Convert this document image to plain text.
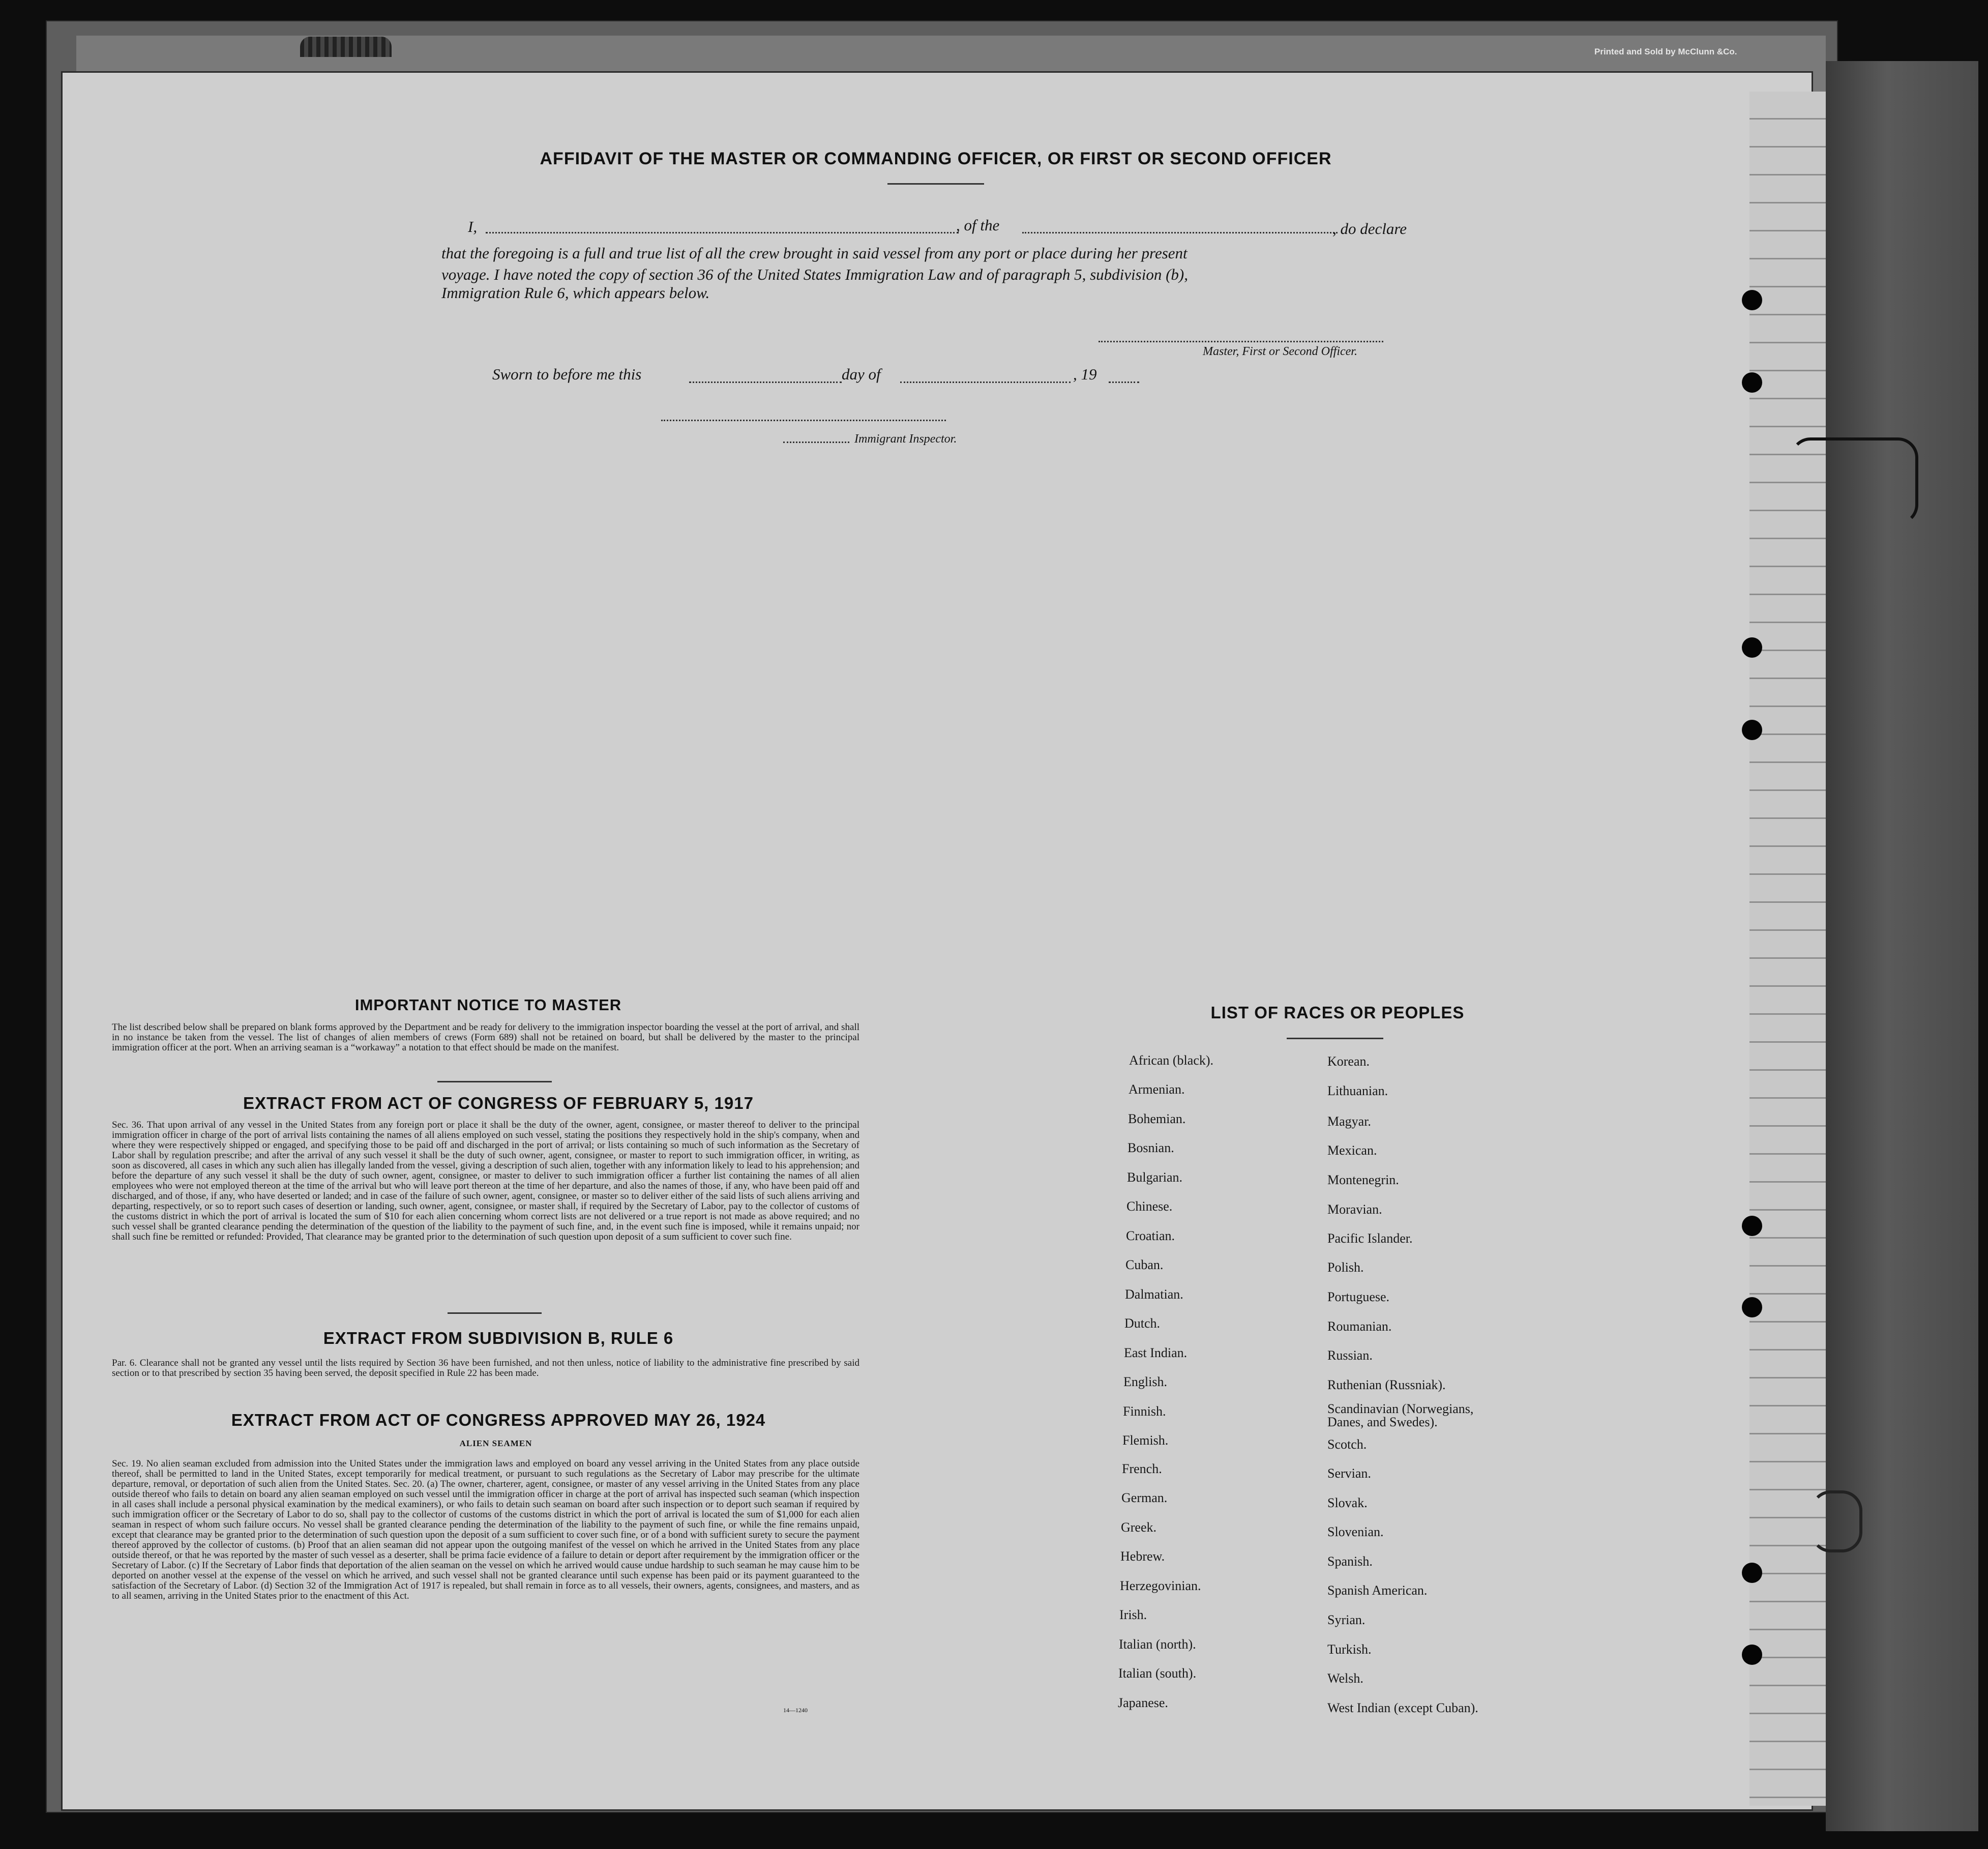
Printed and Sold by McClunn &Co.
AFFIDAVIT OF THE MASTER OR COMMANDING OFFICER, OR FIRST OR SECOND OFFICER
I,	, of the	, do declare
that the foregoing is a full and true list of all the crew brought in said vessel from any port or place during her present
voyage. I have noted the copy of section 36 of the United States Immigration Law and of paragraph 5, subdivision (b),
Immigration Rule 6, which appears below.
Master, First or Second Officer.
Sworn to before me this	day of	, 19
Immigrant Inspector.
IMPORTANT NOTICE TO MASTER
The list described below shall be prepared on blank forms approved by the Department and be ready for delivery to the immigration inspector boarding the vessel at the port of arrival, and shall in no instance be taken from the vessel. The list of changes of alien members of crews (Form 689) shall not be retained on board, but shall be delivered by the master to the principal immigration officer at the port. When an arriving seaman is a “workaway” a notation to that effect should be made on the manifest.
EXTRACT FROM ACT OF CONGRESS OF FEBRUARY 5, 1917
Sec. 36. That upon arrival of any vessel in the United States from any foreign port or place it shall be the duty of the owner, agent, consignee, or master thereof to deliver to the principal immigration officer in charge of the port of arrival lists containing the names of all aliens employed on such vessel, stating the positions they respectively hold in the ship's company, when and where they were respectively shipped or engaged, and specifying those to be paid off and discharged in the port of arrival; or lists containing so much of such information as the Secretary of Labor shall by regulation prescribe; and after the arrival of any such vessel it shall be the duty of such owner, agent, consignee, or master to report to such immigration officer, in writing, as soon as discovered, all cases in which any such alien has illegally landed from the vessel, giving a description of such alien, together with any information likely to lead to his apprehension; and before the departure of any such vessel it shall be the duty of such owner, agent, consignee, or master to deliver to such immigration officer a further list containing the names of all alien employees who were not employed thereon at the time of the arrival but who will leave port thereon at the time of her departure, and also the names of those, if any, who have been paid off and discharged, and of those, if any, who have deserted or landed; and in case of the failure of such owner, agent, consignee, or master so to deliver either of the said lists of such aliens arriving and departing, respectively, or so to report such cases of desertion or landing, such owner, agent, consignee, or master shall, if required by the Secretary of Labor, pay to the collector of customs of the customs district in which the port of arrival is located the sum of $10 for each alien concerning whom correct lists are not delivered or a true report is not made as above required; and no such vessel shall be granted clearance pending the determination of the question of the liability to the payment of such fine, and, in the event such fine is imposed, while it remains unpaid; nor shall such fine be remitted or refunded: Provided, That clearance may be granted prior to the determination of such question upon deposit of a sum sufficient to cover such fine.
EXTRACT FROM SUBDIVISION B, RULE 6
Par. 6. Clearance shall not be granted any vessel until the lists required by Section 36 have been furnished, and not then unless, notice of liability to the administrative fine prescribed by said section or to that prescribed by section 35 having been served, the deposit specified in Rule 22 has been made.
EXTRACT FROM ACT OF CONGRESS APPROVED MAY 26, 1924
ALIEN SEAMEN
Sec. 19. No alien seaman excluded from admission into the United States under the immigration laws and employed on board any vessel arriving in the United States from any place outside thereof, shall be permitted to land in the United States, except temporarily for medical treatment, or pursuant to such regulations as the Secretary of Labor may prescribe for the ultimate departure, removal, or deportation of such alien from the United States. Sec. 20. (a) The owner, charterer, agent, consignee, or master of any vessel arriving in the United States from any place outside thereof who fails to detain on board any alien seaman employed on such vessel until the immigration officer in charge at the port of arrival has inspected such seaman (which inspection in all cases shall include a personal physical examination by the medical examiners), or who fails to detain such seaman on board after such inspection or to deport such seaman if required by such immigration officer or the Secretary of Labor to do so, shall pay to the collector of customs of the customs district in which the port of arrival is located the sum of $1,000 for each alien seaman in respect of whom such failure occurs. No vessel shall be granted clearance pending the determination of the liability to the payment of such fine, or while the fine remains unpaid, except that clearance may be granted prior to the determination of such question upon the deposit of a sum sufficient to cover such fine, or of a bond with sufficient surety to secure the payment thereof approved by the collector of customs. (b) Proof that an alien seaman did not appear upon the outgoing manifest of the vessel on which he arrived in the United States from any place outside thereof, or that he was reported by the master of such vessel as a deserter, shall be prima facie evidence of a failure to detain or deport after requirement by the immigration officer or the Secretary of Labor. (c) If the Secretary of Labor finds that deportation of the alien seaman on the vessel on which he arrived would cause undue hardship to such seaman he may cause him to be deported on another vessel at the expense of the vessel on which he arrived, and such vessel shall not be granted clearance until such expense has been paid or its payment guaranteed to the satisfaction of the Secretary of Labor. (d) Section 32 of the Immigration Act of 1917 is repealed, but shall remain in force as to all vessels, their owners, agents, consignees, and masters, and as to all seamen, arriving in the United States prior to the enactment of this Act.
14—1240
LIST OF RACES OR PEOPLES
African (black).
Armenian.
Bohemian.
Bosnian.
Bulgarian.
Chinese.
Croatian.
Cuban.
Dalmatian.
Dutch.
East Indian.
English.
Finnish.
Flemish.
French.
German.
Greek.
Hebrew.
Herzegovinian.
Irish.
Italian (north).
Italian (south).
Japanese.
Korean.
Lithuanian.
Magyar.
Mexican.
Montenegrin.
Moravian.
Pacific Islander.
Polish.
Portuguese.
Roumanian.
Russian.
Ruthenian (Russniak).
Scandinavian (Norwegians, Danes, and Swedes).
Scotch.
Servian.
Slovak.
Slovenian.
Spanish.
Spanish American.
Syrian.
Turkish.
Welsh.
West Indian (except Cuban).
